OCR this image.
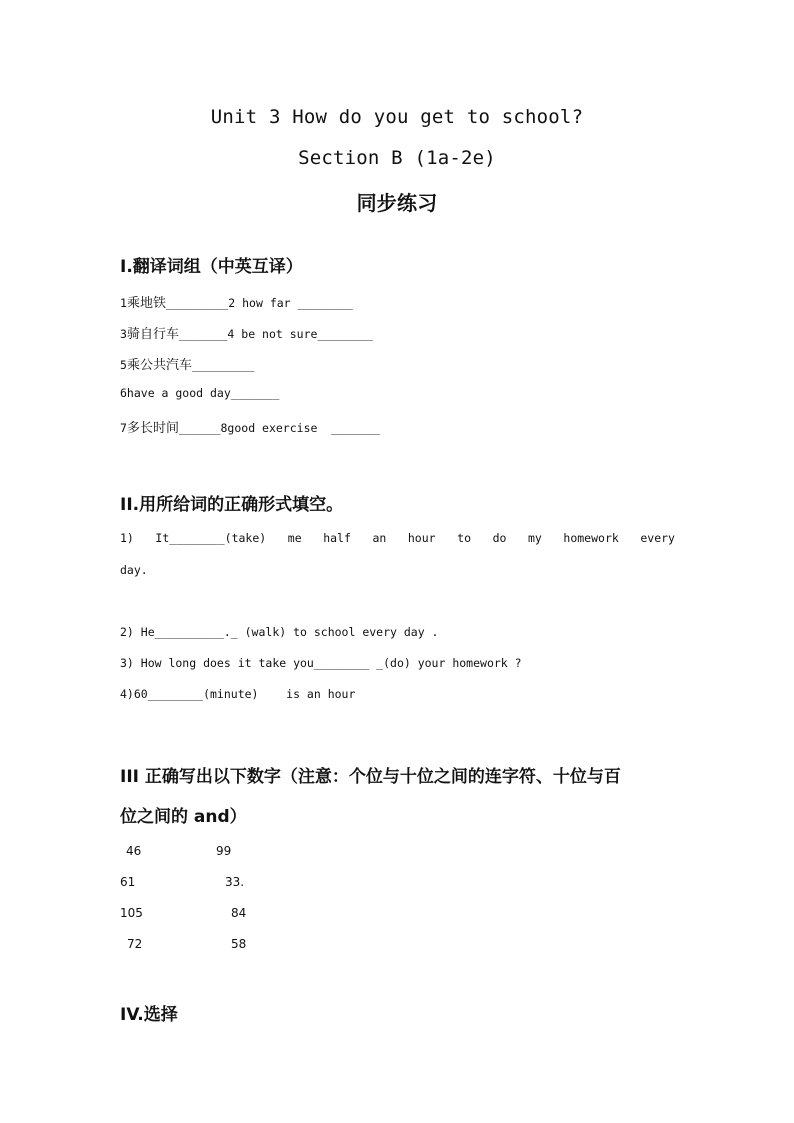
Unit 3 How do you get to school?
Section B (1a-2e)
同步练习
I.翻译词组（中英互译）
1乘地铁_________2 how far ________
3骑自行车_______4 be not sure________
5乘公共汽车_________
6have a good day_______
7多长时间______8good exercise  _______
II.用所给词的正确形式填空。
1) It________(take) me half an hour to do my homework every
day.
2) He__________._ (walk) to school every day .
3) How long does it take you________ _(do) your homework ?
4)60________(minute)    is an hour
III 正确写出以下数字（注意：个位与十位之间的连字符、十位与百
位之间的 and）
46	99
61	33.
105	84
72	58
IV.选择
